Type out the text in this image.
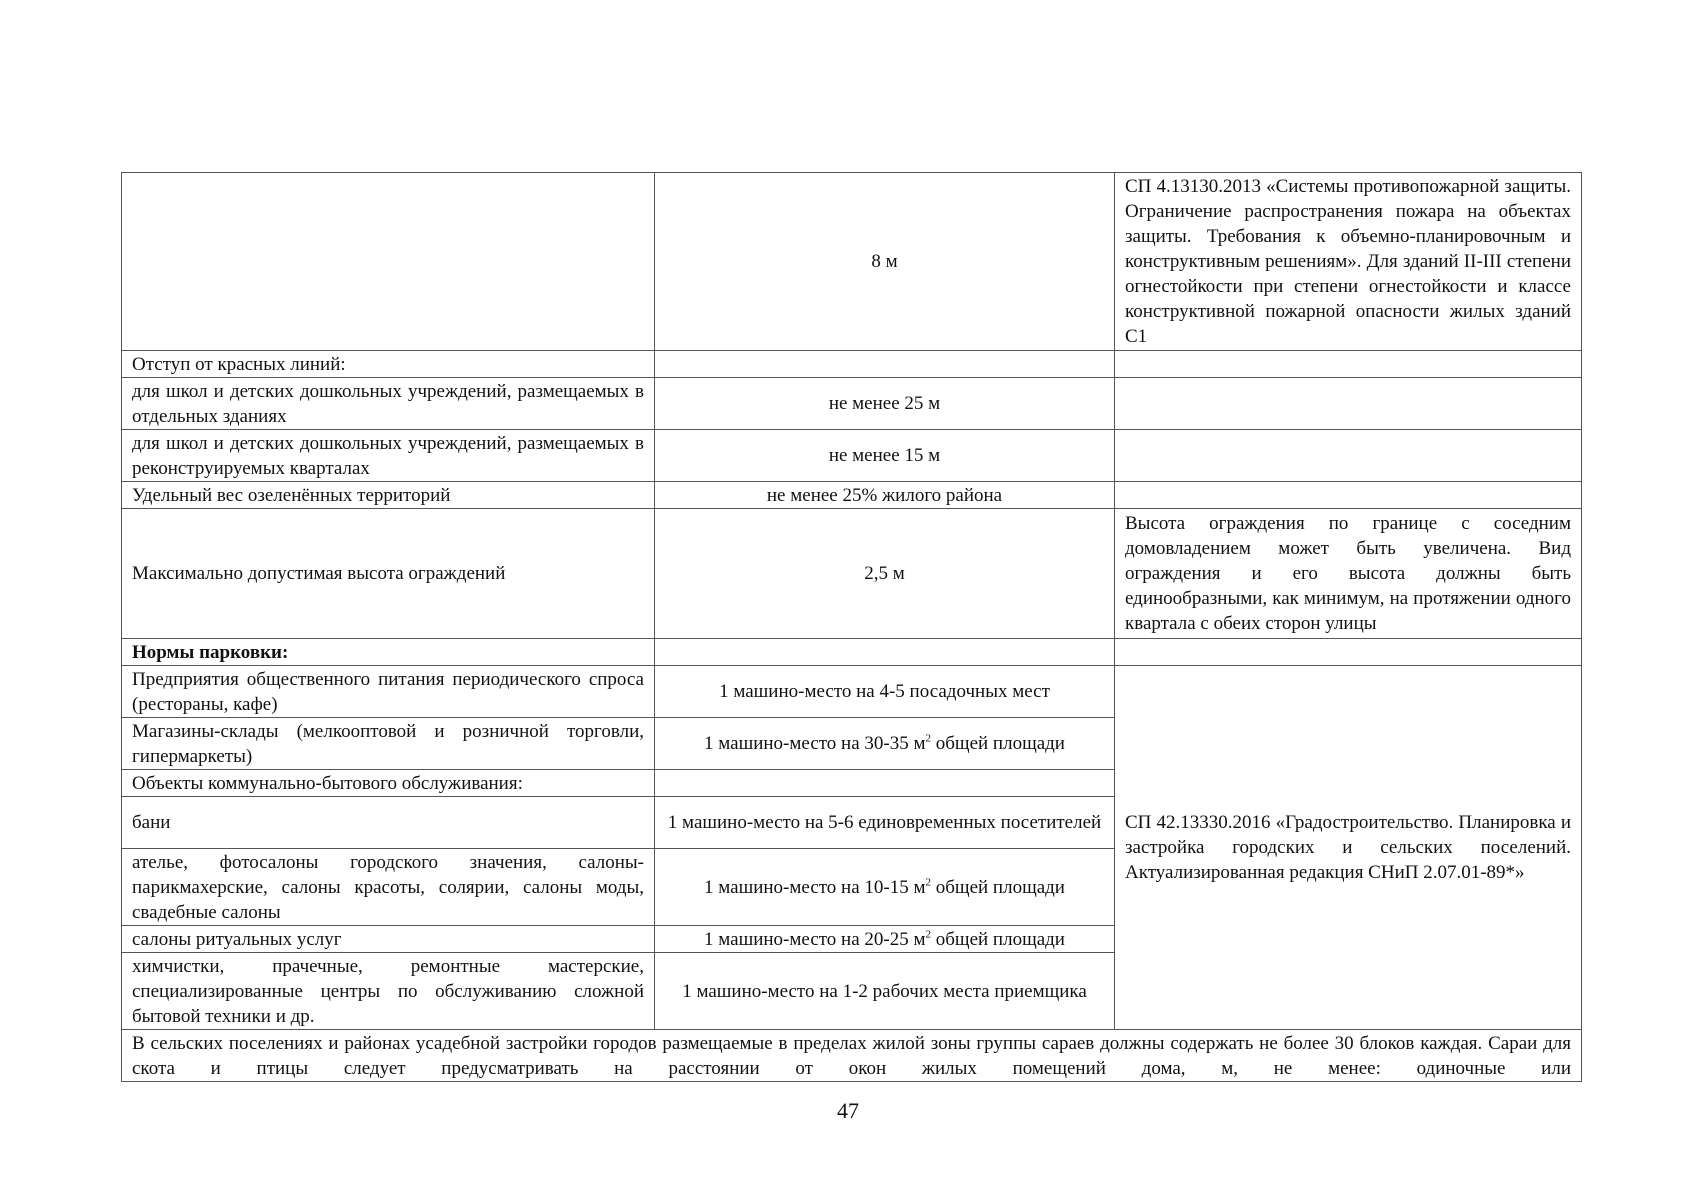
	8 м	СП 4.13130.2013 «Системы противопожарной защиты. Ограничение распространения пожара на объектах защиты. Требования к объемно-планировочным и конструктивным решениям». Для зданий II-III степени огнестойкости при степени огнестойкости и классе конструктивной пожарной опасности жилых зданий С1
Отступ от красных линий:		
для школ и детских дошкольных учреждений, размещаемых в отдельных зданиях	не менее 25 м	
для школ и детских дошкольных учреждений, размещаемых в реконструируемых кварталах	не менее 15 м	
Удельный вес озеленённых территорий	не менее 25% жилого района	
Максимально допустимая высота ограждений	2,5 м	Высота ограждения по границе с соседним домовладением может быть увеличена. Вид ограждения и его высота должны быть единообразными, как минимум, на протяжении одного квартала с обеих сторон улицы
Нормы парковки:		
Предприятия общественного питания периодического спроса (рестораны, кафе)	1 машино-место на 4-5 посадочных мест	СП 42.13330.2016 «Градостроительство. Планировка и застройка городских и сельских поселений. Актуализированная редакция СНиП 2.07.01-89*»
Магазины-склады (мелкооптовой и розничной торговли, гипермаркеты)	1 машино-место на 30-35 $м^2$ общей площади	
Объекты коммунально-бытового обслуживания:		
бани	1 машино-место на 5-6 единовременных посетителей	
ателье, фотосалоны городского значения, салоны-парикмахерские, салоны красоты, солярии, салоны моды, свадебные салоны	1 машино-место на 10-15 $м^2$ общей площади	
салоны ритуальных услуг	1 машино-место на 20-25 $м^2$ общей площади	
химчистки, прачечные, ремонтные мастерские, специализированные центры по обслуживанию сложной бытовой техники и др.	1 машино-место на 1-2 рабочих места приемщика	
В сельских поселениях и районах усадебной застройки городов размещаемые в пределах жилой зоны группы сараев должны содержать не более 30 блоков каждая. Сараи для скота и птицы следует предусматривать на расстоянии от окон жилых помещений дома, м, не менее: одиночные или		
47
